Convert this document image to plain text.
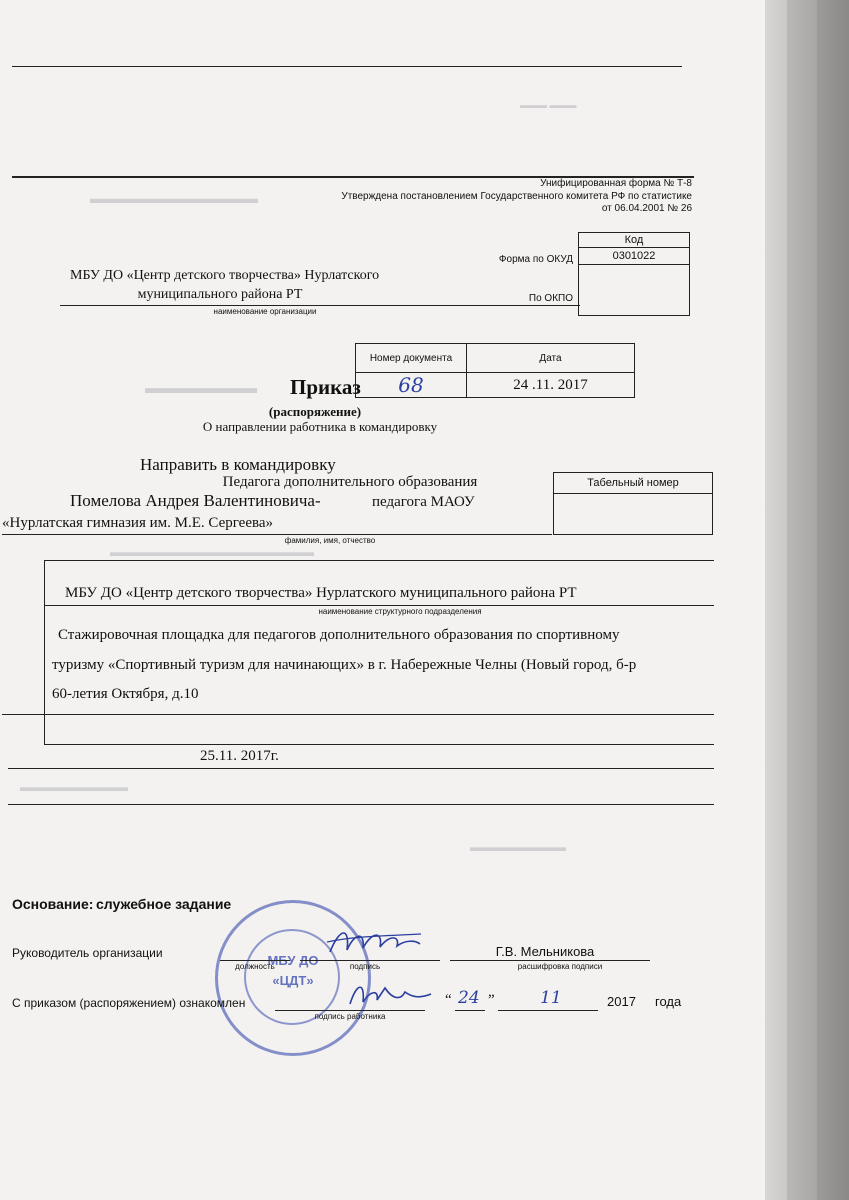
▬▬▬ ▬▬▬
▬▬▬▬▬▬▬▬▬▬▬▬
▬▬▬▬▬▬▬
▬▬▬▬▬▬▬▬▬▬▬▬▬▬▬▬▬
▬▬▬▬▬▬▬▬▬
▬▬▬▬▬▬▬▬
Унифицированная форма № Т-8
Утверждена постановлением Государственного комитета РФ по статистике
от 06.04.2001 № 26
Код
0301022

Форма по ОКУД
По ОКПО
МБУ ДО «Центр детского творчества» Нурлатского
муниципального района РТ
наименование организации
Номер документа	Дата
68	24 .11. 2017
Приказ
(распоряжение)
О направлении работника в командировку
Направить в командировку
Педагога дополнительного образования
Помелова Андрея Валентиновича-	педагога МАОУ
«Нурлатская гимназия им. М.Е. Сергеева»
фамилия, имя, отчество
Табельный номер

МБУ ДО «Центр детского творчества» Нурлатского муниципального района РТ
наименование структурного подразделения
Стажировочная площадка для педагогов дополнительного образования по спортивному
туризму «Спортивный туризм для начинающих» в г. Набережные Челны (Новый город, б-р
60-летия Октября, д.10
25.11. 2017г.
Основание: служебное задание
МБУ ДО
«ЦДТ»
Руководитель организации
должность	подпись
Г.В. Мельникова
расшифровка подписи
С приказом (распоряжением) ознакомлен
подпись работника
“ 24 ”	11	2017 года
